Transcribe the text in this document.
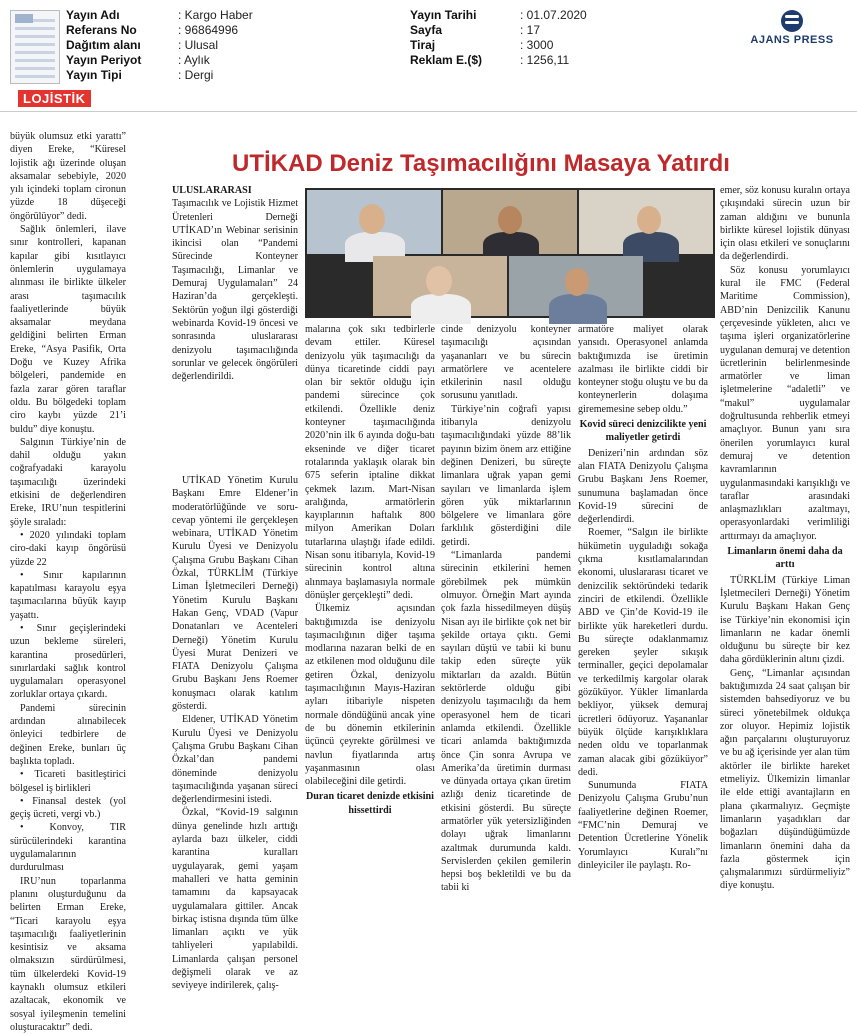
Yayın Adı	: Kargo Haber
Referans No	: 96864996
Dağıtım alanı	: Ulusal
Yayın Periyot	: Aylık
Yayın Tipi	: Dergi
Yayın Tarihi	: 01.07.2020
Sayfa	: 17
Tiraj	: 3000
Reklam E.($)	: 1256,11
AJANS PRESS
LOJİSTİK
UTİKAD Deniz Taşımacılığını Masaya Yatırdı

büyük olumsuz etki yarattı” diyen Ereke, “Küresel lojistik ağı üzerinde oluşan aksamalar sebebiyle, 2020 yılı içindeki toplam cironun yüzde 18 düşeceği öngörülüyor” dedi.

Sağlık önlemleri, ilave sınır kontrolleri, kapanan kapılar gibi kısıtlayıcı önlemlerin uygulamaya alınması ile birlikte ülkeler arası taşımacılık faaliyetlerinde büyük aksamalar meydana geldiğini belirten Erman Ereke, “Asya Pasifik, Orta Doğu ve Kuzey Afrika bölgeleri, pandemide en fazla zarar gören taraflar oldu. Bu bölgedeki toplam ciro kaybı yüzde 21’i buldu” diye konuştu.

Salgının Türkiye’nin de dahil olduğu yakın coğrafyadaki karayolu taşımacılığı üzerindeki etkisini de değerlendiren Ereke, IRU’nun tespitlerini şöyle sıraladı:

• 2020 yılındaki toplam ciro-daki kayıp öngörüsü yüzde 22

• Sınır kapılarının kapatılması karayolu eşya taşımacılarına büyük kayıp yaşattı.

• Sınır geçişlerindeki uzun bekleme süreleri, karantina prosedürleri, sınırlardaki sağlık kontrol uygulamaları operasyonel zorluklar ortaya çıkardı.

Pandemi sürecinin ardından alınabilecek önleyici tedbirlere de değinen Ereke, bunları üç başlıkta topladı.

• Ticareti basitleştirici bölgesel iş birlikleri

• Finansal destek (yol geçiş ücreti, vergi vb.)

• Konvoy, TIR sürücülerindeki karantina uygulamalarının durdurulması

IRU’nun toparlanma planını oluşturduğunu da belirten Erman Ereke, “Ticari karayolu eşya taşımacılığı faaliyetlerinin kesintisiz ve aksama olmaksızın sürdürülmesi, tüm ülkelerdeki Kovid-19 kaynaklı olumsuz etkileri azaltacak, ekonomik ve sosyal iyileşmenin temelini oluşturacaktır” dedi.

ULUSLARARASI Taşımacılık ve Lojistik Hizmet Üretenleri Derneği UTİKAD’ın Webinar serisinin ikincisi olan “Pandemi Sürecinde Konteyner Taşımacılığı, Limanlar ve Demuraj Uygulamaları” 24 Haziran’da gerçekleşti. Sektörün yoğun ilgi gösterdiği webinarda Kovid-19 öncesi ve sonrasında uluslararası denizyolu taşımacılığında sorunlar ve gelecek öngörüleri değerlendirildi.

UTİKAD Yönetim Kurulu Başkanı Emre Eldener’in moderatörlüğünde ve soru-cevap yöntemi ile gerçekleşen webinara, UTİKAD Yönetim Kurulu Üyesi ve Denizyolu Çalışma Grubu Başkanı Cihan Özkal, TÜRKLİM (Türkiye Liman İşletmecileri Derneği) Yönetim Kurulu Başkanı Hakan Genç, VDAD (Vapur Donatanları ve Acenteleri Derneği) Yönetim Kurulu Üyesi Murat Denizeri ve FIATA Denizyolu Çalışma Grubu Başkanı Jens Roemer konuşmacı olarak katılım gösterdi.

Eldener, UTİKAD Yönetim Kurulu Üyesi ve Denizyolu Çalışma Grubu Başkanı Cihan Özkal’dan pandemi döneminde denizyolu taşımacılığında yaşanan süreci değerlendirmesini istedi.

Özkal, “Kovid-19 salgının dünya genelinde hızlı arttığı aylarda bazı ülkeler, ciddi karantina kuralları uygulayarak, gemi yaşam mahalleri ve hatta geminin tamamını da kapsayacak uygulamalara gittiler. Ancak birkaç istisna dışında tüm ülke limanları açıktı ve yük tahliyeleri yapılabildi. Limanlarda çalışan personel değişmeli olarak ve az seviyeye indirilerek, çalış-

malarına çok sıkı tedbirlerle devam ettiler. Küresel denizyolu yük taşımacılığı da dünya ticaretinde ciddi payı olan bir sektör olduğu için pandemi sürecince çok etkilendi. Özellikle deniz konteyner taşımacılığında 2020’nin ilk 6 ayında doğu-batı ekseninde ve diğer ticaret rotalarında yaklaşık olarak bin 675 seferin iptaline dikkat çekmek lazım. Mart-Nisan aralığında, armatörlerin kayıplarının haftalık 800 milyon Amerikan Doları tutarlarına ulaştığı ifade edildi. Nisan sonu itibarıyla, Kovid-19 sürecinin kontrol altına alınmaya başlamasıyla normale dönüşler gerçekleşti” dedi.

Ülkemiz açısından baktığımızda ise denizyolu taşımacılığının diğer taşıma modlarına nazaran belki de en az etkilenen mod olduğunu dile getiren Özkal, denizyolu taşımacılığının Mayıs-Haziran ayları itibariyle nispeten normale döndüğünü ancak yine de bu dönemin etkilerinin üçüncü çeyrekte görülmesi ve navlun fiyatlarında artış yaşanmasının olası olabileceğini dile getirdi.

Duran ticaret denizde etkisini hissettirdi

cinde denizyolu konteyner taşımacılığı açısından yaşananları ve bu sürecin armatörlere ve acentelere etkilerinin nasıl olduğu sorusunu yanıtladı.

Türkiye’nin coğrafi yapısı itibarıyla denizyolu taşımacılığındaki yüzde 88’lik payının bizim önem arz ettiğine değinen Denizeri, bu süreçte limanlara uğrak yapan gemi sayıları ve limanlarda işlem gören yük miktarlarının bölgelere ve limanlara göre farklılık gösterdiğini dile getirdi.

“Limanlarda pandemi sürecinin etkilerini hemen görebilmek pek mümkün olmuyor. Örneğin Mart ayında çok fazla hissedilmeyen düşüş Nisan ayı ile birlikte çok net bir şekilde ortaya çıktı. Gemi sayıları düştü ve tabii ki bunu takip eden süreçte yük miktarları da azaldı. Bütün sektörlerde olduğu gibi denizyolu taşımacılığı da hem operasyonel hem de ticari anlamda etkilendi. Özellikle ticari anlamda baktığımızda önce Çin sonra Avrupa ve Amerika’da üretimin durması ve dünyada ortaya çıkan üretim azlığı deniz ticaretinde de etkisini gösterdi. Bu süreçte armatörler yük yetersizliğinden dolayı uğrak limanlarını azaltmak durumunda kaldı. Servislerden çekilen gemilerin hepsi boş bekletildi ve bu da tabii ki

armatöre maliyet olarak yansıdı. Operasyonel anlamda baktığımızda ise üretimin azalması ile birlikte ciddi bir konteyner stoğu oluştu ve bu da konteynerlerin dolaşıma girememesine sebep oldu.”

Kovid süreci denizcilikte yeni maliyetler getirdi

Denizeri’nin ardından söz alan FIATA Denizyolu Çalışma Grubu Başkanı Jens Roemer, sunumuna başlamadan önce Kovid-19 sürecini de değerlendirdi.

Roemer, “Salgın ile birlikte hükümetin uyguladığı sokağa çıkma kısıtlamalarından ekonomi, uluslararası ticaret ve denizcilik sektöründeki tedarik zinciri de etkilendi. Özellikle ABD ve Çin’de Kovid-19 ile birlikte yük hareketleri durdu. Bu süreçte odaklanmamız gereken şeyler sıkışık terminaller, geçici depolamalar ve terkedilmiş kargolar olarak gözüküyor. Yükler limanlarda bekliyor, yüksek demuraj ücretleri ödüyoruz. Yaşananlar büyük ölçüde karışıklıklara neden oldu ve toparlanmak zaman alacak gibi gözüküyor” dedi.

Sunumunda FIATA Denizyolu Çalışma Grubu’nun faaliyetlerine değinen Roemer, “FMC’nin Demuraj ve Detention Ücretlerine Yönelik Yorumlayıcı Kuralı”nı dinleyiciler ile paylaştı. Ro-

emer, söz konusu kuralın ortaya çıkışındaki sürecin uzun bir zaman aldığını ve bununla birlikte küresel lojistik dünyası için olası etkileri ve sonuçlarını da değerlendirdi.

Söz konusu yorumlayıcı kural ile FMC (Federal Maritime Commission), ABD’nin Denizcilik Kanunu çerçevesinde yükleten, alıcı ve taşıma işleri organizatörlerine uygulanan demuraj ve detention ücretlerinin belirlenmesinde armatörler ve liman işletmelerine “adaletli” ve “makul” uygulamalar doğrultusunda rehberlik etmeyi amaçlıyor. Bunun yanı sıra önerilen yorumlayıcı kural demuraj ve detention kavramlarının uygulanmasındaki karışıklığı ve taraflar arasındaki anlaşmazlıkları azaltmayı, operasyonlardaki verimliliği arttırmayı da amaçlıyor.

Limanların önemi daha da arttı

TÜRKLİM (Türkiye Liman İşletmecileri Derneği) Yönetim Kurulu Başkanı Hakan Genç ise Türkiye’nin ekonomisi için limanların ne kadar önemli olduğunu bu süreçte bir kez daha gördüklerinin altını çizdi.

Genç, “Limanlar açısından baktığımızda 24 saat çalışan bir sistemden bahsediyoruz ve bu süreci yönetebilmek oldukça zor oluyor. Hepimiz lojistik ağın parçalarını oluşturuyoruz ve bu ağ içerisinde yer alan tüm aktörler ile birlikte hareket etmeliyiz. Ülkemizin limanlar ile elde ettiği avantajların en plana çıkarmalıyız. Geçmişte limanların yaşadıkları dar boğazları düşündüğümüzde limanların önemini daha da fazla göstermek için çalışmalarımızı sürdürmeliyiz” diye konuştu.
